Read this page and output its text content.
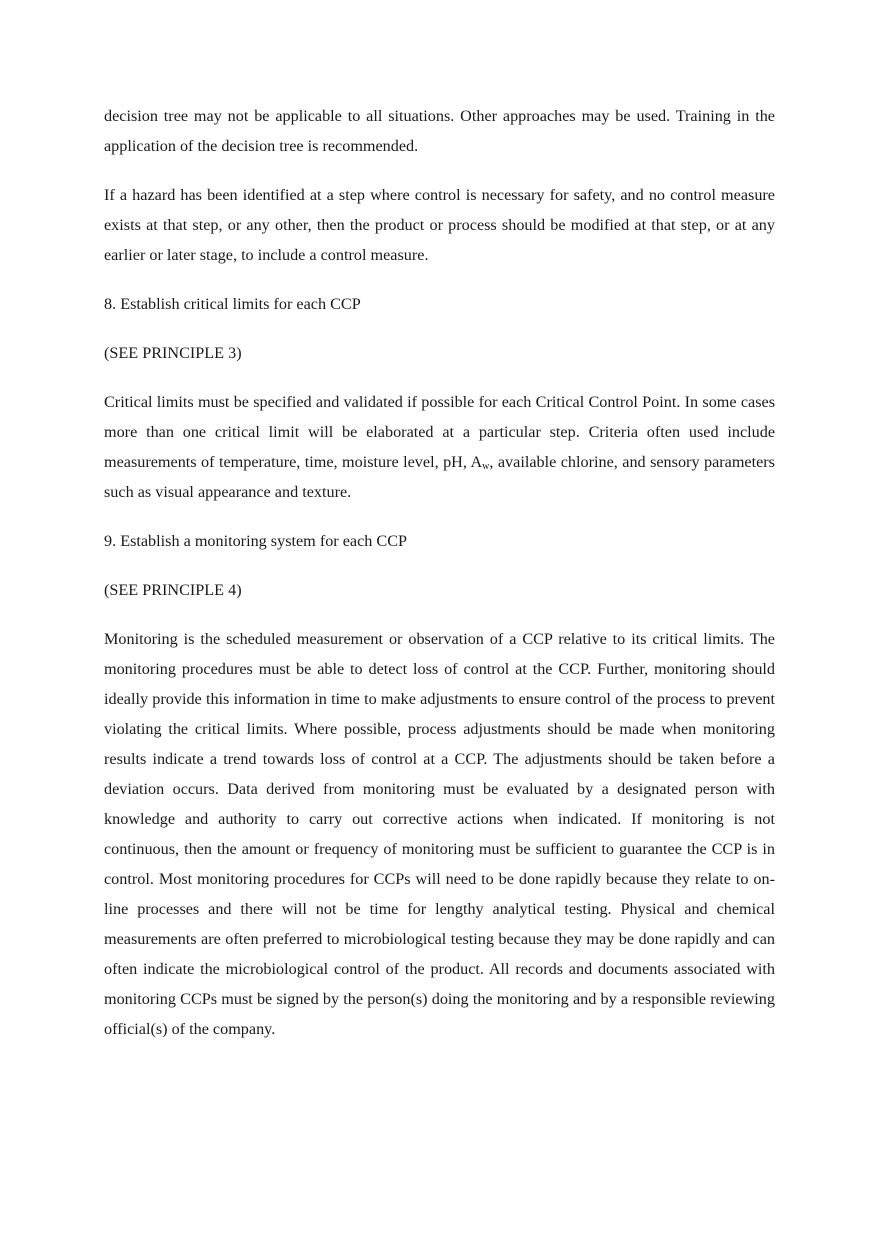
decision tree may not be applicable to all situations. Other approaches may be used. Training in the application of the decision tree is recommended.

If a hazard has been identified at a step where control is necessary for safety, and no control measure exists at that step, or any other, then the product or process should be modified at that step, or at any earlier or later stage, to include a control measure.

8. Establish critical limits for each CCP

(SEE PRINCIPLE 3)

Critical limits must be specified and validated if possible for each Critical Control Point. In some cases more than one critical limit will be elaborated at a particular step. Criteria often used include measurements of temperature, time, moisture level, pH, $A_w$, available chlorine, and sensory parameters such as visual appearance and texture.

9. Establish a monitoring system for each CCP

(SEE PRINCIPLE 4)

Monitoring is the scheduled measurement or observation of a CCP relative to its critical limits. The monitoring procedures must be able to detect loss of control at the CCP. Further, monitoring should ideally provide this information in time to make adjustments to ensure control of the process to prevent violating the critical limits. Where possible, process adjustments should be made when monitoring results indicate a trend towards loss of control at a CCP. The adjustments should be taken before a deviation occurs. Data derived from monitoring must be evaluated by a designated person with knowledge and authority to carry out corrective actions when indicated. If monitoring is not continuous, then the amount or frequency of monitoring must be sufficient to guarantee the CCP is in control. Most monitoring procedures for CCPs will need to be done rapidly because they relate to on-line processes and there will not be time for lengthy analytical testing. Physical and chemical measurements are often preferred to microbiological testing because they may be done rapidly and can often indicate the microbiological control of the product. All records and documents associated with monitoring CCPs must be signed by the person(s) doing the monitoring and by a responsible reviewing official(s) of the company.
